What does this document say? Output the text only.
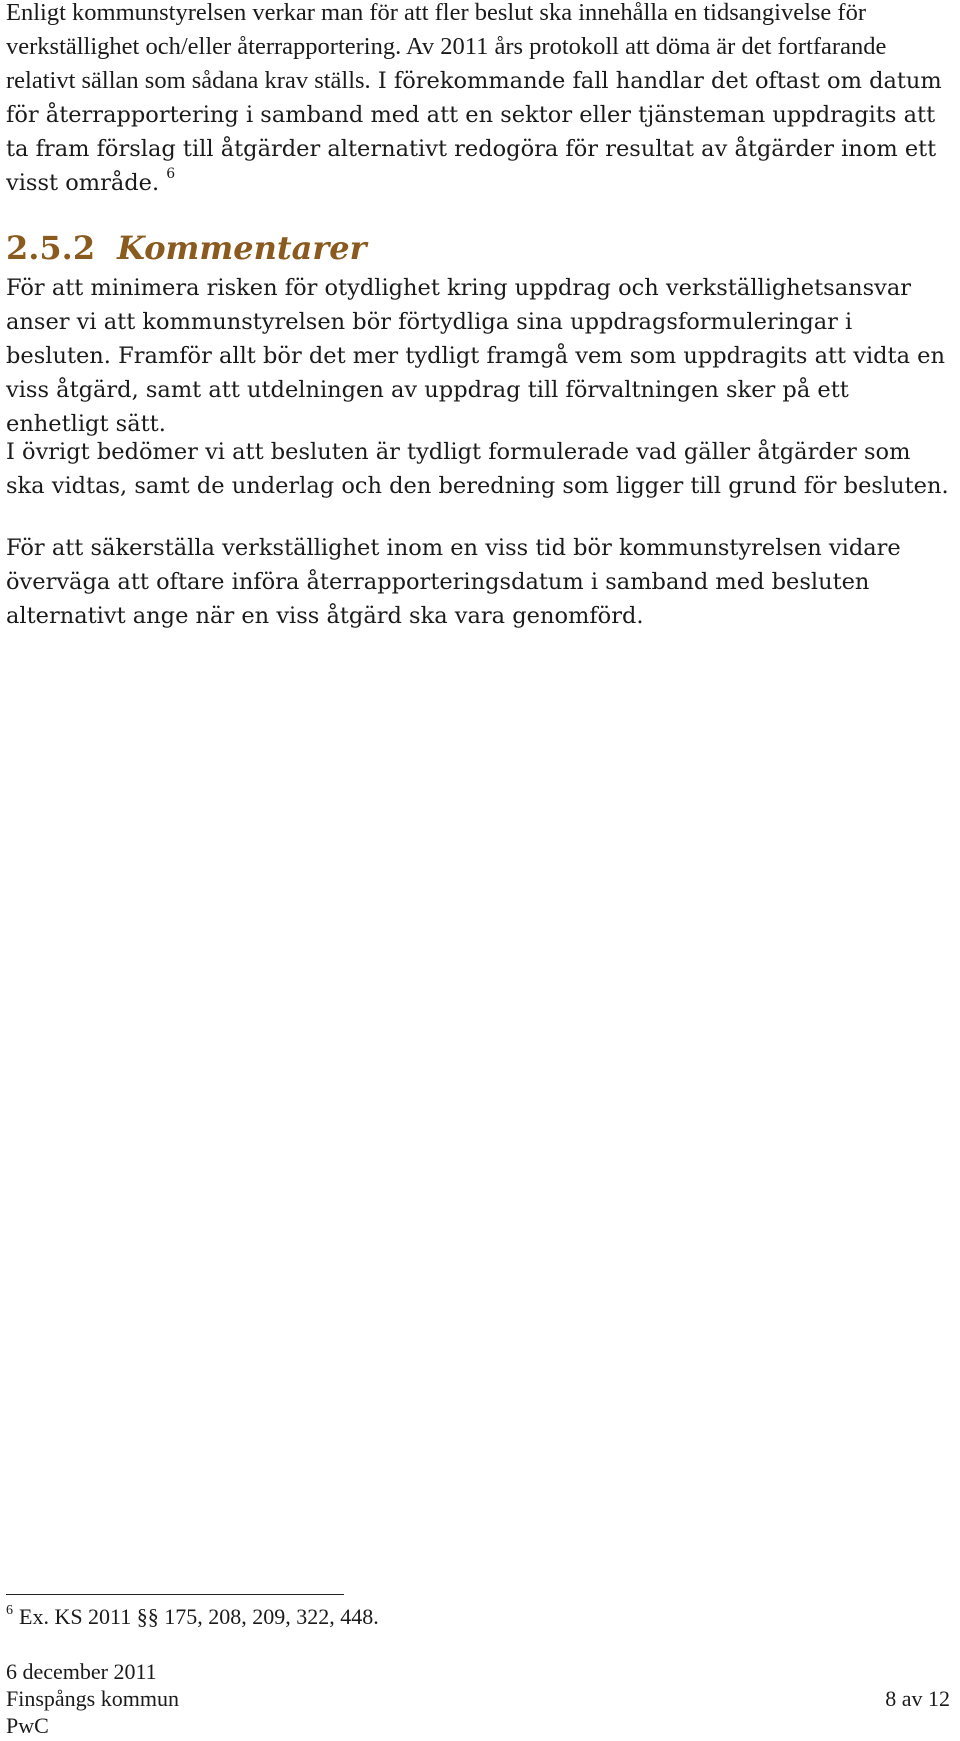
Enligt kommunstyrelsen verkar man för att fler beslut ska innehålla en tidsangivelse för verkställighet och/eller återrapportering. Av 2011 års protokoll att döma är det fortfarande relativt sällan som sådana krav ställs. I förekommande fall handlar det oftast om datum för återrapportering i samband med att en sektor eller tjänsteman uppdragits att ta fram förslag till åtgärder alternativt redogöra för resultat av åtgärder inom ett visst område. $^6$

2.5.2 Kommentarer

För att minimera risken för otydlighet kring uppdrag och verkställighetsansvar anser vi att kommunstyrelsen bör förtydliga sina uppdragsformuleringar i besluten. Framför allt bör det mer tydligt framgå vem som uppdragits att vidta en viss åtgärd, samt att utdelningen av uppdrag till förvaltningen sker på ett enhetligt sätt.

I övrigt bedömer vi att besluten är tydligt formulerade vad gäller åtgärder som ska vidtas, samt de underlag och den beredning som ligger till grund för besluten.

För att säkerställa verkställighet inom en viss tid bör kommunstyrelsen vidare överväga att oftare införa återrapporteringsdatum i samband med besluten alternativt ange när en viss åtgärd ska vara genomförd.

$^6$ Ex. KS 2011 §§ 175, 208, 209, 322, 448.
6 december 2011
Finspångs kommun
PwC
8 av 12
